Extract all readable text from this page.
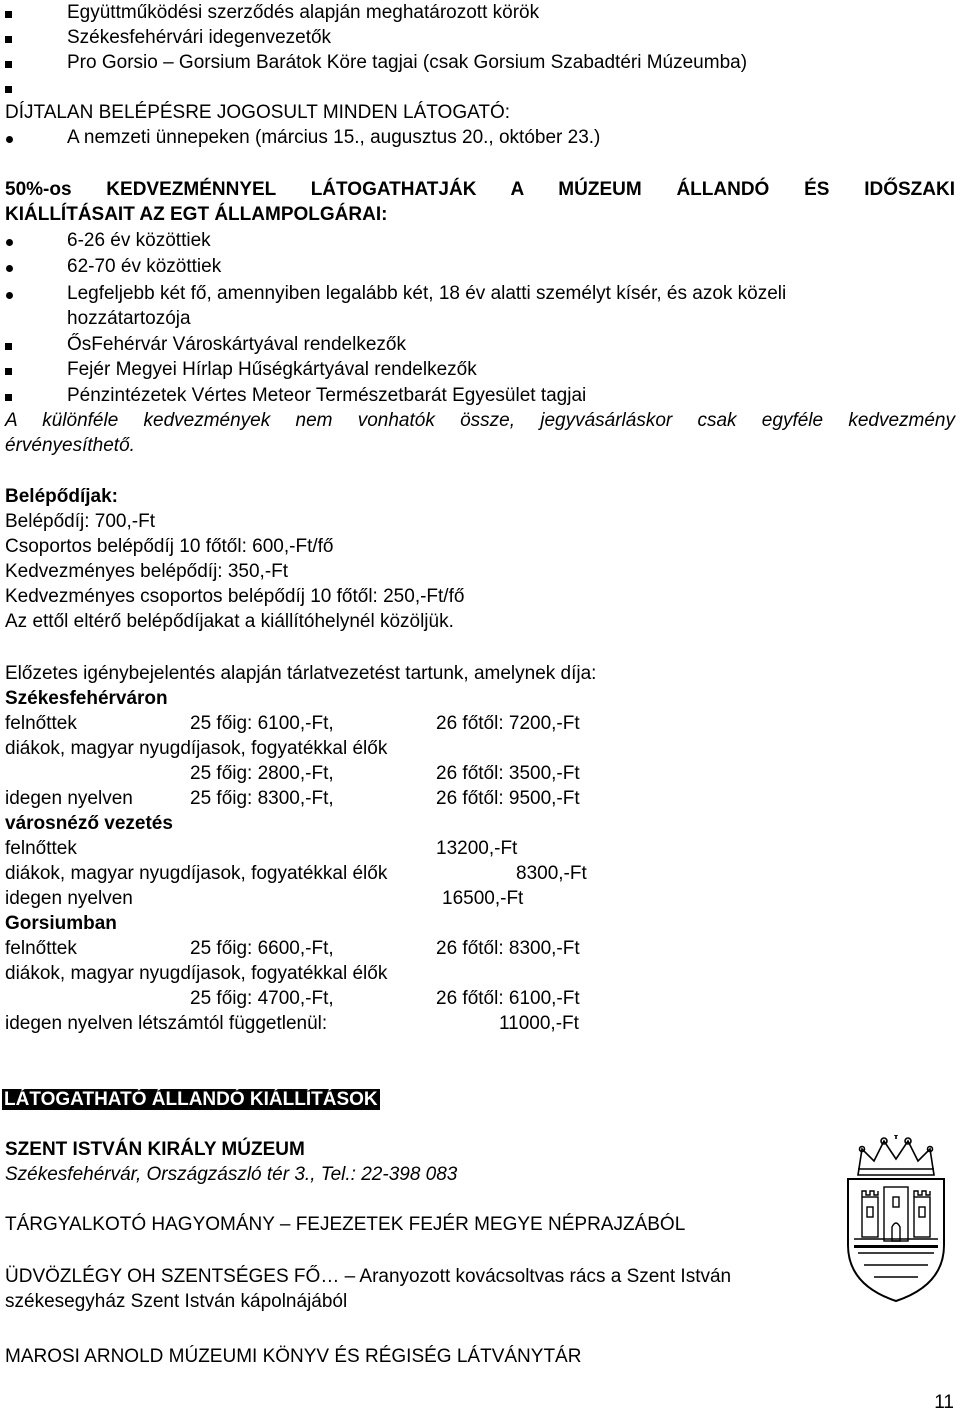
Együttműködési szerződés alapján meghatározott körök
Székesfehérvári idegenvezetők
Pro Gorsio – Gorsium Barátok Köre tagjai (csak Gorsium Szabadtéri Múzeumba)
DÍJTALAN BELÉPÉSRE JOGOSULT MINDEN LÁTOGATÓ:
A nemzeti ünnepeken (március 15., augusztus 20., október 23.)
50%-os KEDVEZMÉNNYEL LÁTOGATHATJÁK A MÚZEUM ÁLLANDÓ ÉS IDŐSZAKI
KIÁLLÍTÁSAIT AZ EGT ÁLLAMPOLGÁRAI:
6-26 év közöttiek
62-70 év közöttiek
Legfeljebb két fő, amennyiben legalább két, 18 év alatti személyt kísér, és azok közeli
hozzátartozója
ŐsFehérvár Városkártyával rendelkezők
Fejér Megyei Hírlap Hűségkártyával rendelkezők
Pénzintézetek Vértes Meteor Természetbarát Egyesület tagjai
A különféle kedvezmények nem vonhatók össze, jegyvásárláskor csak egyféle kedvezmény
érvényesíthető.
Belépődíjak:
Belépődíj: 700,-Ft
Csoportos belépődíj 10 főtől: 600,-Ft/fő
Kedvezményes belépődíj: 350,-Ft
Kedvezményes csoportos belépődíj 10 főtől: 250,-Ft/fő
Az ettől eltérő belépődíjakat a kiállítóhelynél közöljük.
Előzetes igénybejelentés alapján tárlatvezetést tartunk, amelynek díja:
Székesfehérváron
felnőttek	25 főig: 6100,-Ft,	26 főtől: 7200,-Ft
diákok, magyar nyugdíjasok, fogyatékkal élők
25 főig: 2800,-Ft,	26 főtől: 3500,-Ft
idegen nyelven	25 főig: 8300,-Ft,	26 főtől: 9500,-Ft
városnéző vezetés
felnőttek	13200,-Ft
diákok, magyar nyugdíjasok, fogyatékkal élők	8300,-Ft
idegen nyelven	16500,-Ft
Gorsiumban
felnőttek	25 főig: 6600,-Ft,	26 főtől: 8300,-Ft
diákok, magyar nyugdíjasok, fogyatékkal élők
25 főig: 4700,-Ft,	26 főtől: 6100,-Ft
idegen nyelven létszámtól függetlenül:	11000,-Ft
LÁTOGATHATÓ ÁLLANDÓ KIÁLLÍTÁSOK
SZENT ISTVÁN KIRÁLY MÚZEUM
Székesfehérvár, Országzászló tér 3., Tel.: 22-398 083
TÁRGYALKOTÓ HAGYOMÁNY – FEJEZETEK FEJÉR MEGYE NÉPRAJZÁBÓL
ÜDVÖZLÉGY OH SZENTSÉGES FŐ… – Aranyozott kovácsoltvas rács a Szent István
székesegyház Szent István kápolnájából
MAROSI ARNOLD MÚZEUMI KÖNYV ÉS RÉGISÉG LÁTVÁNYTÁR
11
